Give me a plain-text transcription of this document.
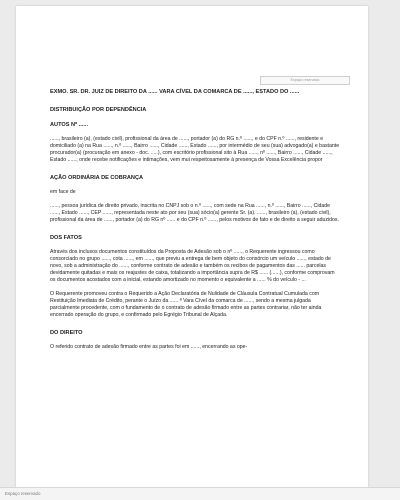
Espaço reservado

EXMO. SR. DR. JUIZ DE DIREITO DA ...... VARA CÍVEL DA COMARCA DE ......, ESTADO DO ......

DISTRIBUIÇÃO POR DEPENDÊNCIA

AUTOS Nº ......

......, brasileiro (a), (estado civil), profissional da área de ......, portador (a) do RG n.º ......, e do CPF n.º ......, residente e domiciliado (a) na Rua ......, n.º ......, Bairro ......, Cidade ......, Estado ......, por intermédio de seu (sua) advogado(a) e bastante procurador(a) (procuração em anexo - doc. .....), com escritório profissional sito à Rua ......, nº ......, Bairro ......, Cidade ......, Estado ......, onde recebe notificações e intimações, vem mui respeitosamente à presença de Vossa Excelência propor

AÇÃO ORDINÁRIA DE COBRANÇA

em face de

......, pessoa jurídica de direito privado, inscrita no CNPJ sob o n.º ......, com sede na Rua ......, n.º ......, Bairro ......, Cidade ......, Estado ......, CEP ......, representada neste ato por seu (sua) sócio(a) gerente Sr. (a). ......, brasileiro (a), (estado civil), profissional da área de ......, portador (a) do RG nº ...... e do CPF n.º ......, pelos motivos de fato e de direito a seguir aduzidos.

DOS FATOS

Através dos inclusos documentos constituídos da Proposta de Adesão sob o nº ......, o Requerente ingressou como consorciado no grupo ......, cota ......, em ......, que previu a entrega de bem objeto do consórcio um veículo ......, estado de novo, sob a administração do ......, conforme contrato de adesão e também os recibos de pagamentos das ...... parcelas devidamente quitadas e mais os reajustes de caixa, totalizando a importância supra de R$ ...... (......), conforme comprovam os documentos acostados com a inicial, estando amortizado no momento o equivalente a ...... % do veículo - ...

O Requerente promoveu contra o Requerido a Ação Declaratória de Nulidade de Cláusula Contratual Cumulada com Restituição Imediata de Crédito, perante o Juízo da ...... ª Vara Cível da comarca de ......, sendo a mesma julgada parcialmente procedente, com o fundamento de o contrato de adesão firmado entre as partes contrariar, não ter ainda encerrado operação do grupo, e confirmado pelo Egrégio Tribunal de Alçada.

DO DIREITO

O referido contrato de adesão firmado entre as partes foi em ......, encerrando as ope-

Espaço reservado
